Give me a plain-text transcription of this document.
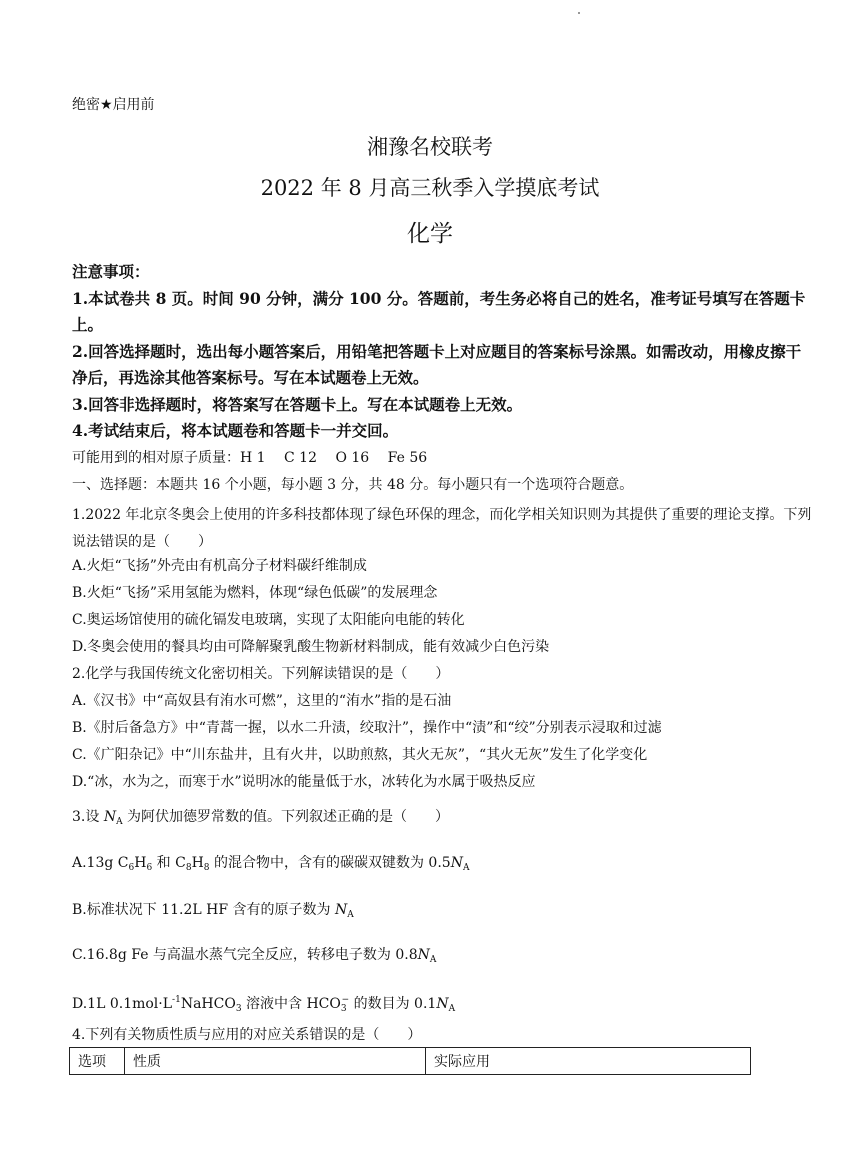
绝密★启用前
湘豫名校联考
2022 年 8 月高三秋季入学摸底考试
化学
注意事项：
1.本试卷共 8 页。时间 90 分钟，满分 100 分。答题前，考生务必将自己的姓名，准考证号填写在答题卡上。
2.回答选择题时，选出每小题答案后，用铅笔把答题卡上对应题目的答案标号涂黑。如需改动，用橡皮擦干净后，再选涂其他答案标号。写在本试题卷上无效。
3.回答非选择题时，将答案写在答题卡上。写在本试题卷上无效。
4.考试结束后，将本试题卷和答题卡一并交回。
可能用到的相对原子质量：H 1　 C 12　 O 16　 Fe 56
一、选择题：本题共 16 个小题，每小题 3 分，共 48 分。每小题只有一个选项符合题意。
1.2022 年北京冬奥会上使用的许多科技都体现了绿色环保的理念，而化学相关知识则为其提供了重要的理论支撑。下列说法错误的是（　　）
A.火炬“飞扬”外壳由有机高分子材料碳纤维制成
B.火炬“飞扬”采用氢能为燃料，体现“绿色低碳”的发展理念
C.奥运场馆使用的硫化镉发电玻璃，实现了太阳能向电能的转化
D.冬奥会使用的餐具均由可降解聚乳酸生物新材料制成，能有效减少白色污染
2.化学与我国传统文化密切相关。下列解读错误的是（　　）
A.《汉书》中“高奴县有洧水可燃”，这里的“洧水”指的是石油
B.《肘后备急方》中“青蒿一握，以水二升渍，绞取汁”，操作中“渍”和“绞”分别表示浸取和过滤
C.《广阳杂记》中“川东盐井，且有火井，以助煎熬，其火无灰”，“其火无灰”发生了化学变化
D.“冰，水为之，而寒于水”说明冰的能量低于水，冰转化为水属于吸热反应
3.设 $N_A$ 为阿伏加德罗常数的值。下列叙述正确的是（　　）
A.13g $C_6H_6$ 和 $C_8H_8$ 的混合物中，含有的碳碳双键数为 $0.5N_A$
B.标准状况下 11.2L HF 含有的原子数为 $N_A$
C.16.8g Fe 与高温水蒸气完全反应，转移电子数为 $0.8N_A$
D.1L $0.1mol\cdot L^{-1}NaHCO_3$ 溶液中含 $HCO_3^-$ 的数目为 $0.1N_A$
4.下列有关物质性质与应用的对应关系错误的是（　　）
选项	性质	实际应用
